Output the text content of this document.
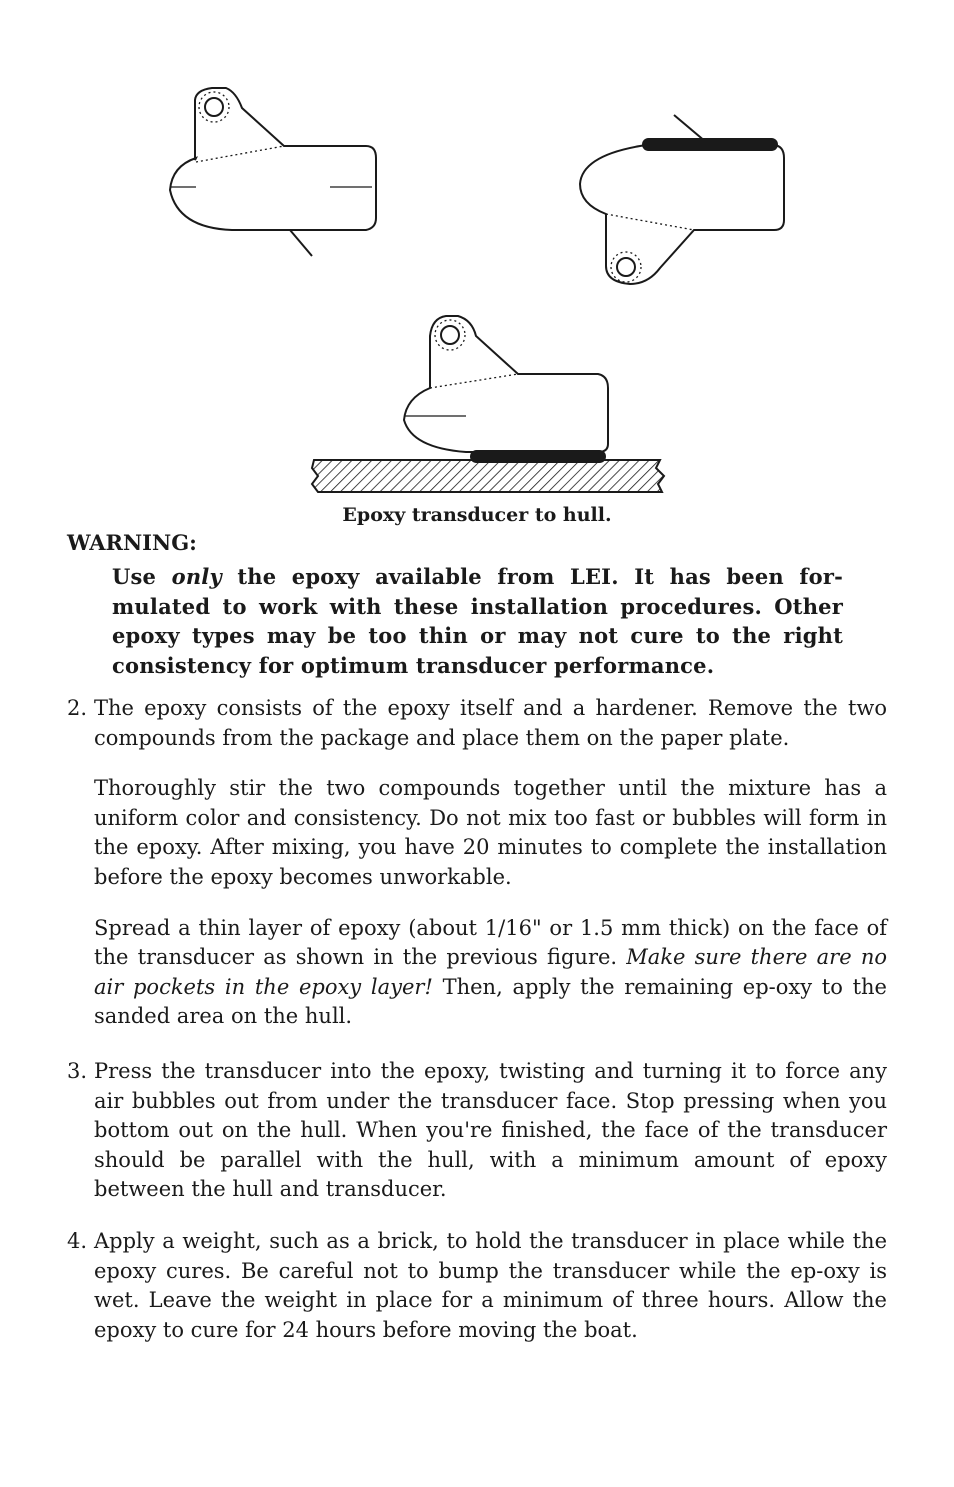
Epoxy transducer to hull.
WARNING:
Use only the epoxy available from LEI. It has been for-mulated to work with these installation procedures. Other epoxy types may be too thin or may not cure to the right consistency for optimum transducer performance.
2. The epoxy consists of the epoxy itself and a hardener. Remove the two compounds from the package and place them on the paper plate.

Thoroughly stir the two compounds together until the mixture has a uniform color and consistency. Do not mix too fast or bubbles will form in the epoxy. After mixing, you have 20 minutes to complete the installation before the epoxy becomes unworkable.

Spread a thin layer of epoxy (about 1/16" or 1.5 mm thick) on the face of the transducer as shown in the previous figure. Make sure there are no air pockets in the epoxy layer! Then, apply the remaining ep-oxy to the sanded area on the hull.

3. Press the transducer into the epoxy, twisting and turning it to force any air bubbles out from under the transducer face. Stop pressing when you bottom out on the hull. When you're finished, the face of the transducer should be parallel with the hull, with a minimum amount of epoxy between the hull and transducer.

4. Apply a weight, such as a brick, to hold the transducer in place while the epoxy cures. Be careful not to bump the transducer while the ep-oxy is wet. Leave the weight in place for a minimum of three hours. Allow the epoxy to cure for 24 hours before moving the boat.
